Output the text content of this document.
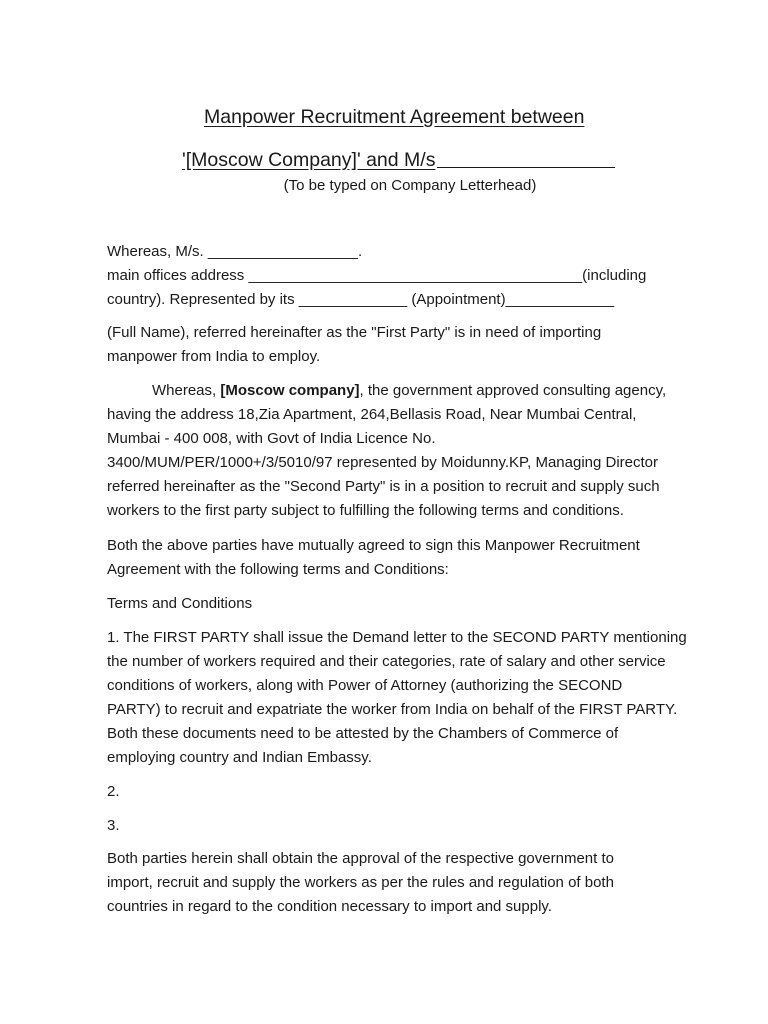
Manpower Recruitment Agreement between
'[Moscow Company]' and M/s
(To be typed on Company Letterhead)
Whereas, M/s. __________________.
main offices address ________________________________________(including
country). Represented by its _____________ (Appointment)_____________
(Full Name), referred hereinafter as the "First Party" is in need of importing
manpower from India to employ.
Whereas, [Moscow company], the government approved consulting agency,
having the address 18,Zia Apartment, 264,Bellasis Road, Near Mumbai Central,
Mumbai - 400 008, with Govt of India Licence No.
3400/MUM/PER/1000+/3/5010/97 represented by Moidunny.KP, Managing Director
referred hereinafter as the "Second Party" is in a position to recruit and supply such
workers to the first party subject to fulfilling the following terms and conditions.
Both the above parties have mutually agreed to sign this Manpower Recruitment
Agreement with the following terms and Conditions:
Terms and Conditions
1. The FIRST PARTY shall issue the Demand letter to the SECOND PARTY mentioning
the number of workers required and their categories, rate of salary and other service
conditions of workers, along with Power of Attorney (authorizing the SECOND
PARTY) to recruit and expatriate the worker from India on behalf of the FIRST PARTY.
Both these documents need to be attested by the Chambers of Commerce of
employing country and Indian Embassy.
2.
3.
Both parties herein shall obtain the approval of the respective government to
import, recruit and supply the workers as per the rules and regulation of both
countries in regard to the condition necessary to import and supply.
